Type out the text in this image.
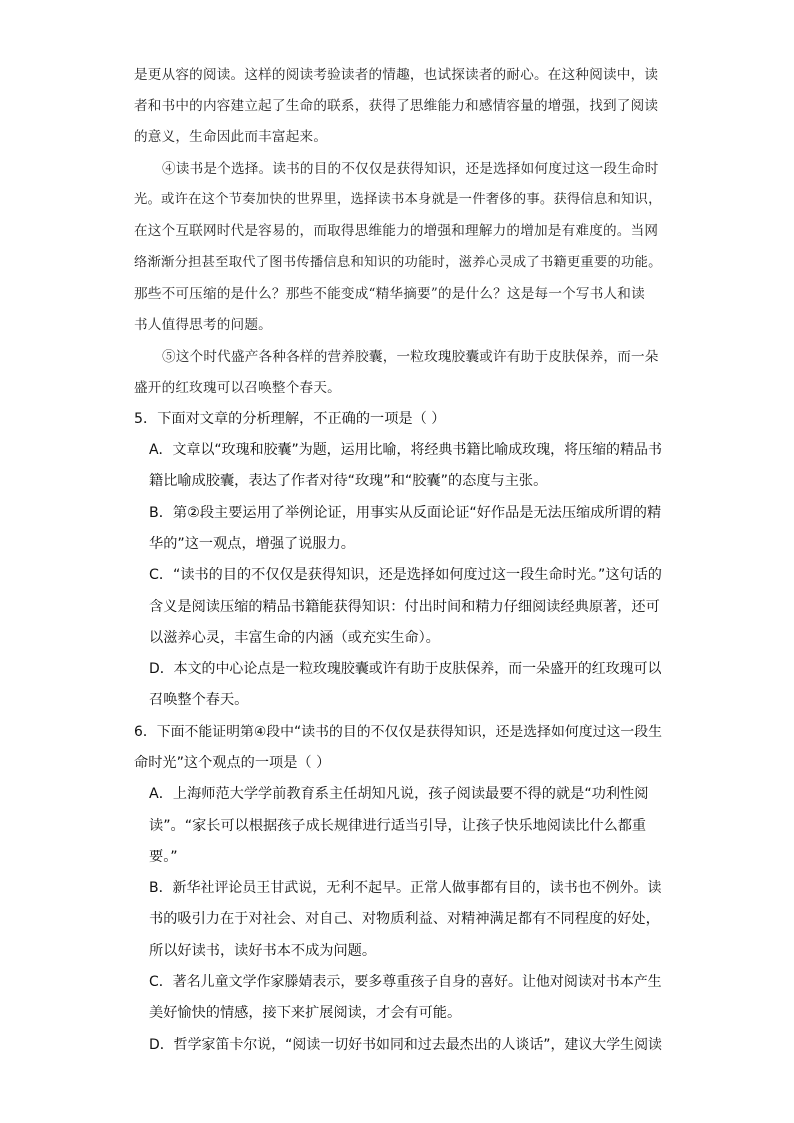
是更从容的阅读。这样的阅读考验读者的情趣，也试探读者的耐心。在这种阅读中，读
者和书中的内容建立起了生命的联系，获得了思维能力和感情容量的增强，找到了阅读
的意义，生命因此而丰富起来。
④读书是个选择。读书的目的不仅仅是获得知识，还是选择如何度过这一段生命时
光。或许在这个节奏加快的世界里，选择读书本身就是一件奢侈的事。获得信息和知识，
在这个互联网时代是容易的，而取得思维能力的增强和理解力的增加是有难度的。当网
络渐渐分担甚至取代了图书传播信息和知识的功能时，滋养心灵成了书籍更重要的功能。
那些不可压缩的是什么？那些不能变成“精华摘要”的是什么？这是每一个写书人和读
书人值得思考的问题。
⑤这个时代盛产各种各样的营养胶囊，一粒玫瑰胶囊或许有助于皮肤保养，而一朵
盛开的红玫瑰可以召唤整个春天。
5．下面对文章的分析理解，不正确的一项是（ ）
A．文章以“玫瑰和胶囊”为题，运用比喻，将经典书籍比喻成玫瑰，将压缩的精品书
籍比喻成胶囊，表达了作者对待“玫瑰”和“胶囊”的态度与主张。
B．第②段主要运用了举例论证，用事实从反面论证“好作品是无法压缩成所谓的精
华的”这一观点，增强了说服力。
C．“读书的目的不仅仅是获得知识，还是选择如何度过这一段生命时光。”这句话的
含义是阅读压缩的精品书籍能获得知识：付出时间和精力仔细阅读经典原著，还可
以滋养心灵，丰富生命的内涵（或充实生命）。
D．本文的中心论点是一粒玫瑰胶囊或许有助于皮肤保养，而一朵盛开的红玫瑰可以
召唤整个春天。
6．下面不能证明第④段中“读书的目的不仅仅是获得知识，还是选择如何度过这一段生
命时光”这个观点的一项是（ ）
A．上海师范大学学前教育系主任胡知凡说，孩子阅读最要不得的就是“功利性阅
读”。“家长可以根据孩子成长规律进行适当引导，让孩子快乐地阅读比什么都重
要。”
B．新华社评论员王甘武说，无利不起早。正常人做事都有目的，读书也不例外。读
书的吸引力在于对社会、对自己、对物质利益、对精神满足都有不同程度的好处，
所以好读书，读好书本不成为问题。
C．著名儿童文学作家滕婧表示，要多尊重孩子自身的喜好。让他对阅读对书本产生
美好愉快的情感，接下来扩展阅读，才会有可能。
D．哲学家笛卡尔说，“阅读一切好书如同和过去最杰出的人谈话”，建议大学生阅读
